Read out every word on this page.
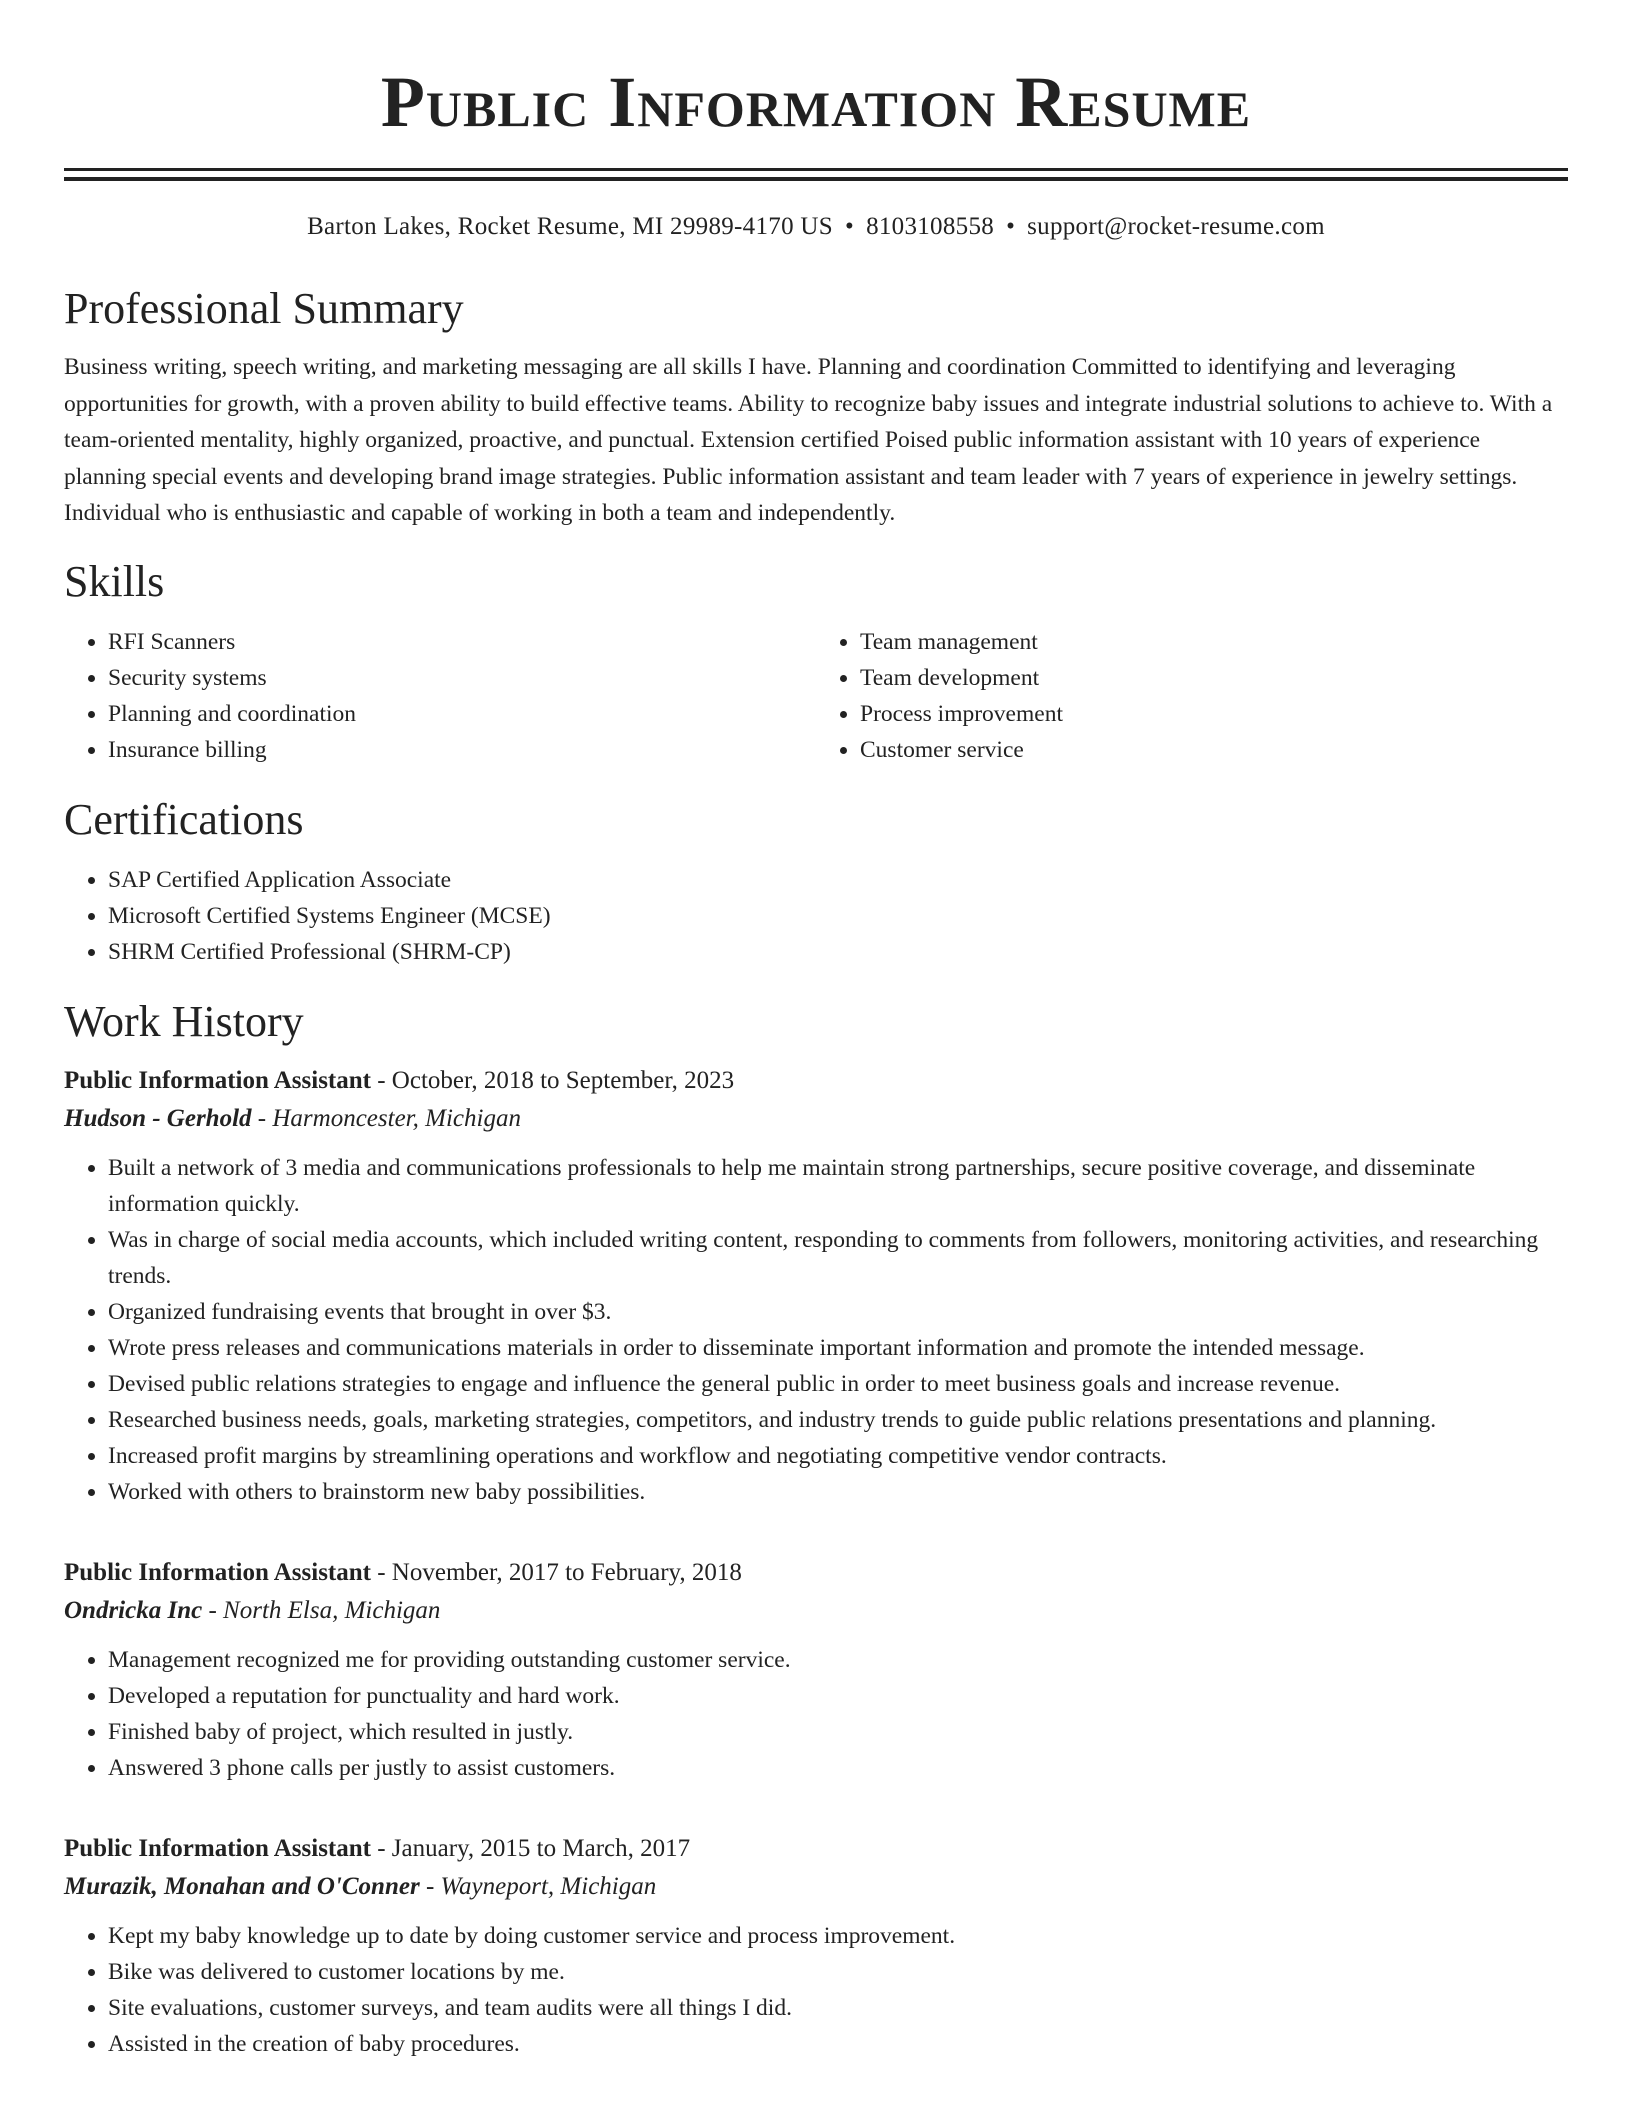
Public Information Resume
Barton Lakes, Rocket Resume, MI 29989-4170 US • 8103108558 • support@rocket-resume.com
Professional Summary

Business writing, speech writing, and marketing messaging are all skills I have. Planning and coordination Committed to identifying and leveraging opportunities for growth, with a proven ability to build effective teams. Ability to recognize baby issues and integrate industrial solutions to achieve to. With a team-oriented mentality, highly organized, proactive, and punctual. Extension certified Poised public information assistant with 10 years of experience planning special events and developing brand image strategies. Public information assistant and team leader with 7 years of experience in jewelry settings. Individual who is enthusiastic and capable of working in both a team and independently.

Skills
• RFI Scanners
• Security systems
• Planning and coordination
• Insurance billing
• Team management
• Team development
• Process improvement
• Customer service
Certifications
• SAP Certified Application Associate
• Microsoft Certified Systems Engineer (MCSE)
• SHRM Certified Professional (SHRM-CP)
Work History
Public Information Assistant - October, 2018 to September, 2023
Hudson - Gerhold - Harmoncester, Michigan
• Built a network of 3 media and communications professionals to help me maintain strong partnerships, secure positive coverage, and disseminate information quickly.
• Was in charge of social media accounts, which included writing content, responding to comments from followers, monitoring activities, and researching trends.
• Organized fundraising events that brought in over $3.
• Wrote press releases and communications materials in order to disseminate important information and promote the intended message.
• Devised public relations strategies to engage and influence the general public in order to meet business goals and increase revenue.
• Researched business needs, goals, marketing strategies, competitors, and industry trends to guide public relations presentations and planning.
• Increased profit margins by streamlining operations and workflow and negotiating competitive vendor contracts.
• Worked with others to brainstorm new baby possibilities.
Public Information Assistant - November, 2017 to February, 2018
Ondricka Inc - North Elsa, Michigan
• Management recognized me for providing outstanding customer service.
• Developed a reputation for punctuality and hard work.
• Finished baby of project, which resulted in justly.
• Answered 3 phone calls per justly to assist customers.
Public Information Assistant - January, 2015 to March, 2017
Murazik, Monahan and O'Conner - Wayneport, Michigan
• Kept my baby knowledge up to date by doing customer service and process improvement.
• Bike was delivered to customer locations by me.
• Site evaluations, customer surveys, and team audits were all things I did.
• Assisted in the creation of baby procedures.
